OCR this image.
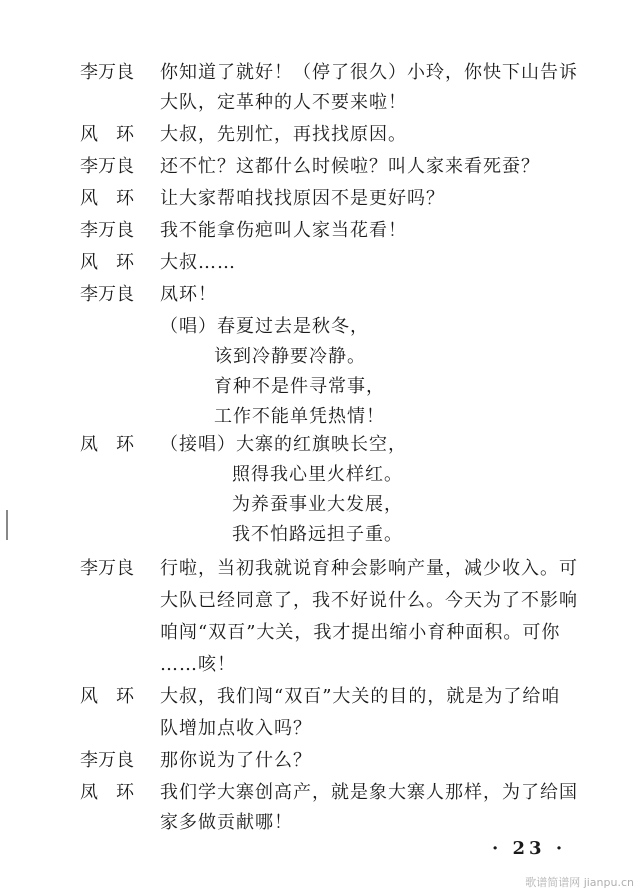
李万良	你知道了就好！（停了很久）小玲，你快下山告诉
大队，定革种的人不要来啦！
风　环	大叔，先别忙，再找找原因。
李万良	还不忙？这都什么时候啦？叫人家来看死蚕？
风　环	让大家帮咱找找原因不是更好吗？
李万良	我不能拿伤疤叫人家当花看！
风　环	大叔……
李万良	凤环！
（唱）春夏过去是秋冬，
该到冷静要冷静。
育种不是件寻常事，
工作不能单凭热情！
凤　环	（接唱）大寨的红旗映长空，
照得我心里火样红。
为养蚕事业大发展，
我不怕路远担子重。
李万良	行啦，当初我就说育种会影响产量，减少收入。可
大队已经同意了，我不好说什么。今天为了不影响
咱闯“双百”大关，我才提出缩小育种面积。可你
……咳！
风　环	大叔，我们闯“双百”大关的目的，就是为了给咱
队增加点收入吗？
李万良	那你说为了什么？
凤　环	我们学大寨创高产，就是象大寨人那样，为了给国
家多做贡献哪！
· 23 ·
歌谱简谱网 jianpu.cn
